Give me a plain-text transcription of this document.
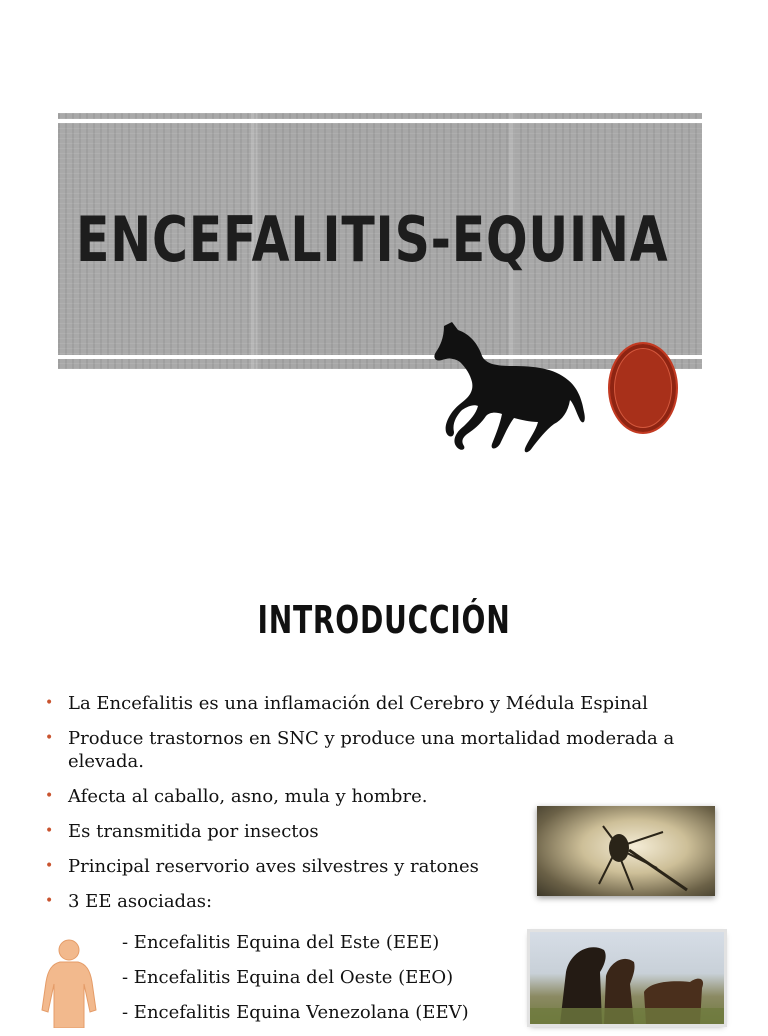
ENCEFALITIS-EQUINA
INTRODUCCIÓN
• La Encefalitis es una inflamación del Cerebro y Médula Espinal
• Produce trastornos en SNC y produce una mortalidad moderada a elevada.
• Afecta al caballo, asno, mula y hombre.
• Es transmitida por insectos
• Principal reservorio aves silvestres y ratones
• 3 EE asociadas:
- Encefalitis Equina del Este (EEE)
- Encefalitis Equina del Oeste (EEO)
- Encefalitis Equina Venezolana (EEV)
